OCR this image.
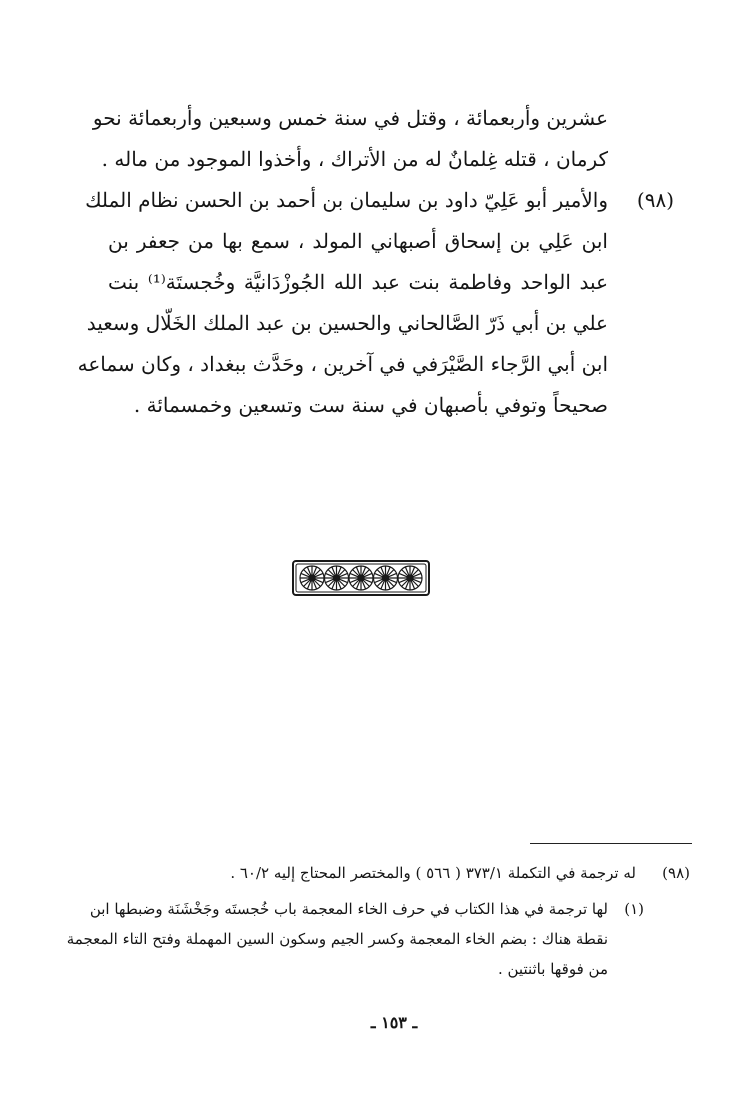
عشرين وأربعمائة ، وقتل في سنة خمس وسبعين وأربعمائة نحو
كرمان ، قتله غِلمانٌ له من الأتراك ، وأخذوا الموجود من ماله .
(٩٨)
والأمير أبو عَلِيّ داود بن سليمان بن أحمد بن الحسن نظام الملك
ابن عَلِي بن إسحاق أصبهاني المولد ، سمع بها من جعفر بن
عبد الواحد وفاطمة بنت عبد الله الجُوزْدَانيَّة وخُجستَة⁽¹⁾ بنت
علي بن أبي ذَرّ الصَّالحاني والحسين بن عبد الملك الخَلّال وسعيد
ابن أبي الرَّجاء الصَّيْرَفي في آخرين ، وحَدَّث ببغداد ، وكان سماعه
صحيحاً وتوفي بأصبهان في سنة ست وتسعين وخمسمائة .
(٩٨)
له ترجمة في التكملة ٣٧٣/١ ( ٥٦٦ ) والمختصر المحتاج إليه ٦٠/٢ .
(١)
لها ترجمة في هذا الكتاب في حرف الخاء المعجمة باب خُجستَه وجَخْشَنَة وضبطها ابن
نقطة هناك : بضم الخاء المعجمة وكسر الجيم وسكون السين المهملة وفتح التاء المعجمة
من فوقها باثنتين .
ـ ١٥٣ ـ
